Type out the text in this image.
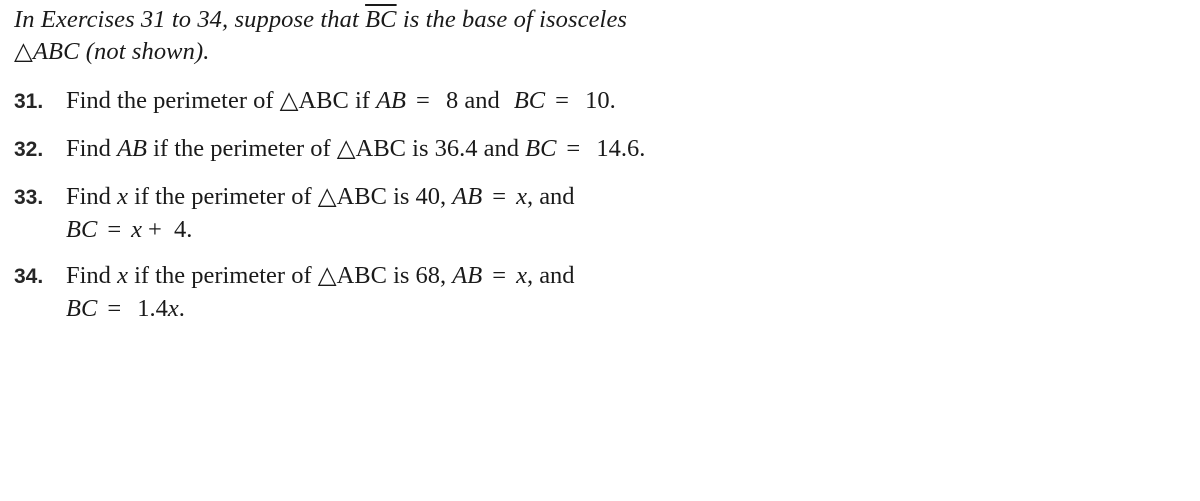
In Exercises 31 to 34, suppose that $\overline{BC}$ is the base of isosceles
△ABC (not shown).
31. Find the perimeter of △ABC if AB = 8 and BC = 10.
32. Find AB if the perimeter of △ABC is 36.4 and BC = 14.6.
33. Find x if the perimeter of △ABC is 40, AB = x, and
BC = x + 4.
34. Find x if the perimeter of △ABC is 68, AB = x, and
BC = 1.4x.
